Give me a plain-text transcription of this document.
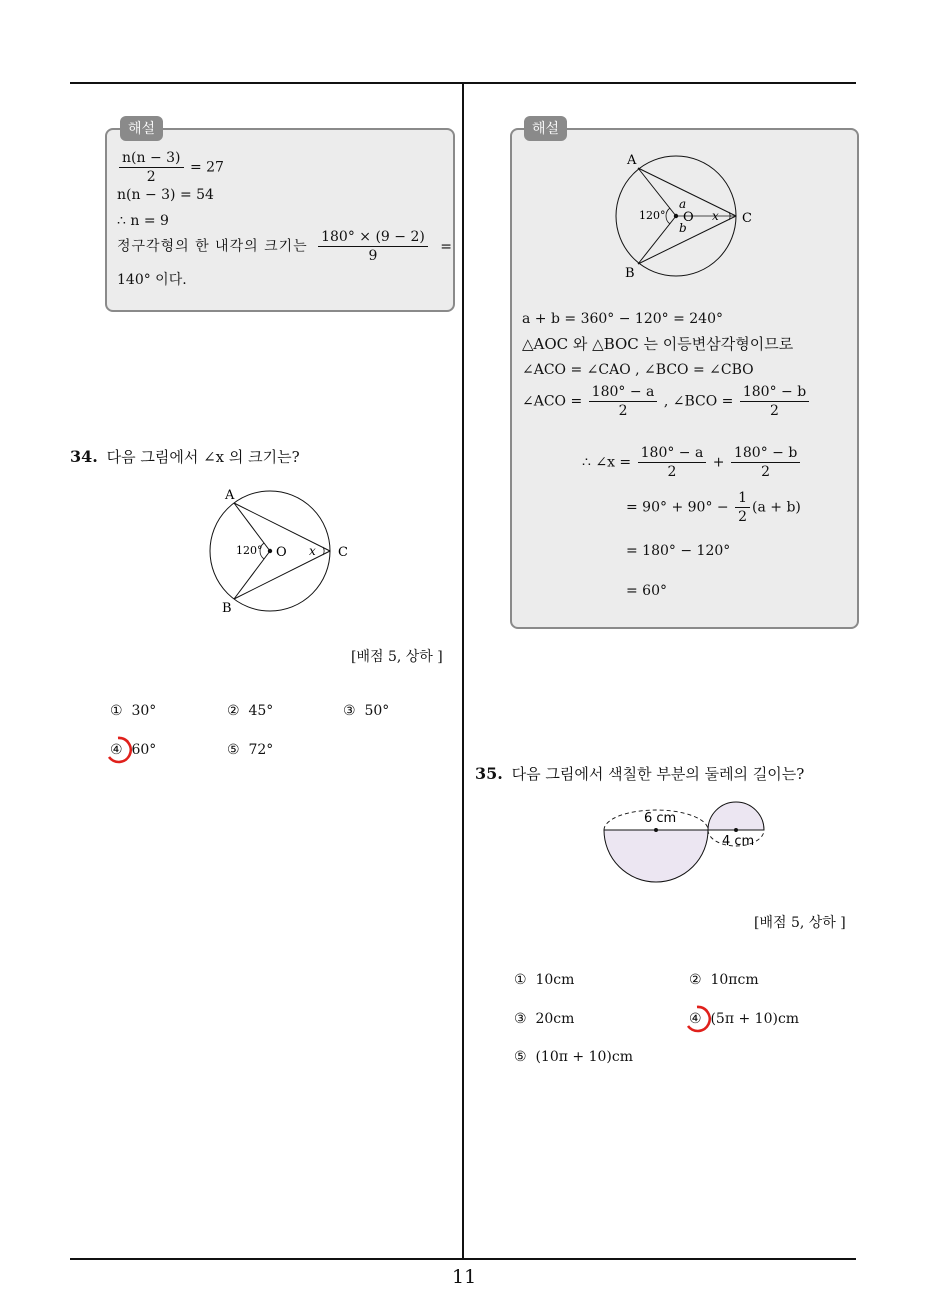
11
해설
$\frac{n(n - 3)}{2} = 27$
n(n − 3) = 54
∴ n = 9
정구각형의 한 내각의 크기는 $\frac{180^\circ \times (9 - 2)}{9}$ =
140° 이다.
34. 다음 그림에서 ∠x 의 크기는?
A
B
C
O
120°	x
[배점 5, 상하 ]
① 30°	② 45°	③ 50°
④ 60°	⑤ 72°
해설
A
B
C
O
120°
a
b
x
a + b = 360° − 120° = 240°
△AOC 와 △BOC 는 이등변삼각형이므로
∠ACO = ∠CAO , ∠BCO = ∠CBO
∠ACO = $\frac{180^\circ - a}{2}$ , ∠BCO = $\frac{180^\circ - b}{2}$
∴ ∠x = $\frac{180^\circ - a}{2} + \frac{180^\circ - b}{2}$
= $90^\circ + 90^\circ - \frac{1}{2} (a + b)$
= 180° − 120°
= 60°
35. 다음 그림에서 색칠한 부분의 둘레의 길이는?
6 cm
4 cm
[배점 5, 상하 ]
① 10cm	② 10πcm
③ 20cm	④ (5π + 10)cm
⑤ (10π + 10)cm
